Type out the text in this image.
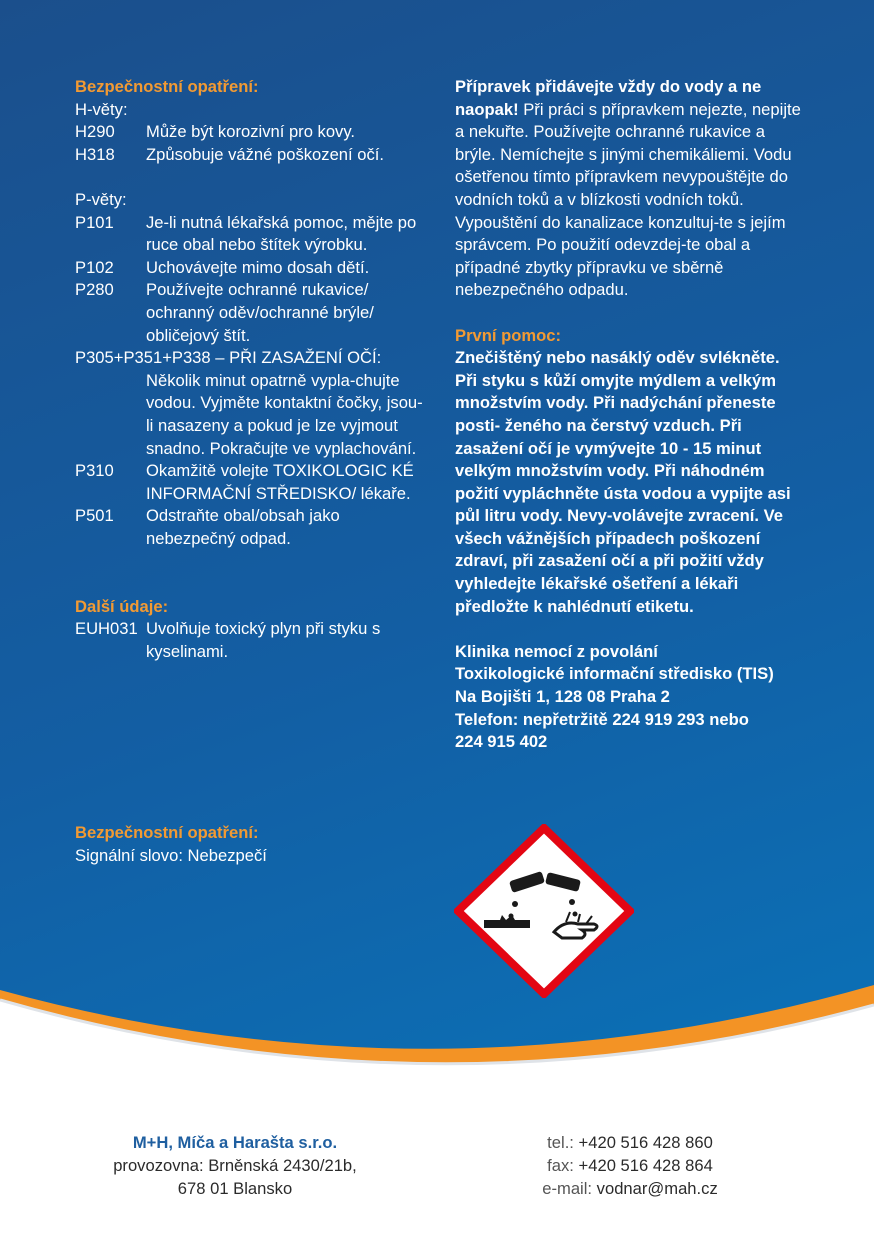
Bezpečnostní opatření:
H-věty:
H290	Může být korozivní pro kovy.
H318	Způsobuje vážné poškození očí.
P-věty:
P101	Je-li nutná lékařská pomoc, mějte po ruce obal nebo štítek výrobku.
P102	Uchovávejte mimo dosah dětí.
P280	Používejte ochranné rukavice/ ochranný oděv/ochranné brýle/ obličejový štít.
P305+P351+P338 – PŘI ZASAŽENÍ OČÍ:
Několik minut opatrně vypla-chujte vodou. Vyjměte kontaktní čočky, jsou-li nasazeny a pokud je lze vyjmout snadno. Pokračujte ve vyplachování.
P310	Okamžitě volejte TOXIKOLOGIC KÉ INFORMAČNÍ STŘEDISKO/ lékaře.
P501	Odstraňte obal/obsah jako nebezpečný odpad.
Další údaje:
EUH031 Uvolňuje toxický plyn při styku s kyselinami.
Přípravek přidávejte vždy do vody a ne naopak! Při práci s přípravkem nejezte, nepijte a nekuřte. Používejte ochranné rukavice a brýle. Nemíchejte s jinými chemikáliemi. Vodu ošetřenou tímto přípravkem nevypouštějte do vodních toků a v blízkosti vodních toků. Vypouštění do kanalizace konzultuj-te s jejím správcem. Po použití odevzdej-te obal a případné zbytky přípravku ve sběrně nebezpečného odpadu.
První pomoc:
Znečištěný nebo nasáklý oděv svlékněte. Při styku s kůží omyjte mýdlem a velkým množstvím vody. Při nadýchání přeneste posti- ženého na čerstvý vzduch. Při zasažení očí je vymývejte 10 - 15 minut velkým množstvím vody. Při náhodném požití vypláchněte ústa vodou a vypijte asi půl litru vody. Nevy-volávejte zvracení. Ve všech vážnějších případech poškození zdraví, při zasažení očí a při požití vždy vyhledejte lékařské ošetření a lékaři předložte k nahlédnutí etiketu.
Klinika nemocí z povolání
Toxikologické informační středisko (TIS)
Na Bojišti 1, 128 08 Praha 2
Telefon: nepřetržitě 224 919 293 nebo
224 915 402
Bezpečnostní opatření:
Signální slovo: Nebezpečí
M+H, Míča a Harašta s.r.o.
provozovna: Brněnská 2430/21b,
678 01 Blansko
tel.: +420 516 428 860
fax: +420 516 428 864
e-mail: vodnar@mah.cz
